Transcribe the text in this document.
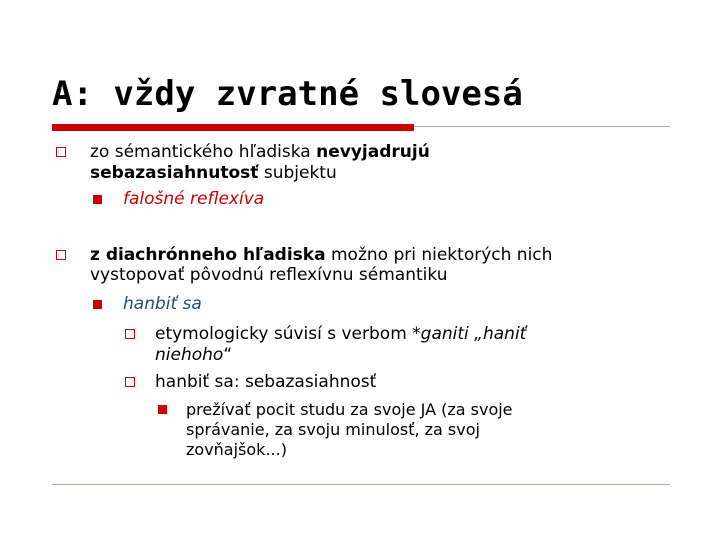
A: vždy zvratné slovesá
zo sémantického hľadiska nevyjadrujú
sebazasiahnutosť subjektu
falošné reflexíva
z diachrónneho hľadiska možno pri niektorých nich
vystopovať pôvodnú reflexívnu sémantiku
hanbiť sa
etymologicky súvisí s verbom *ganiti „haniť
niehoho“
hanbiť sa: sebazasiahnosť
prežívať pocit studu za svoje JA (za svoje
správanie, za svoju minulosť, za svoj
zovňajšok...)
